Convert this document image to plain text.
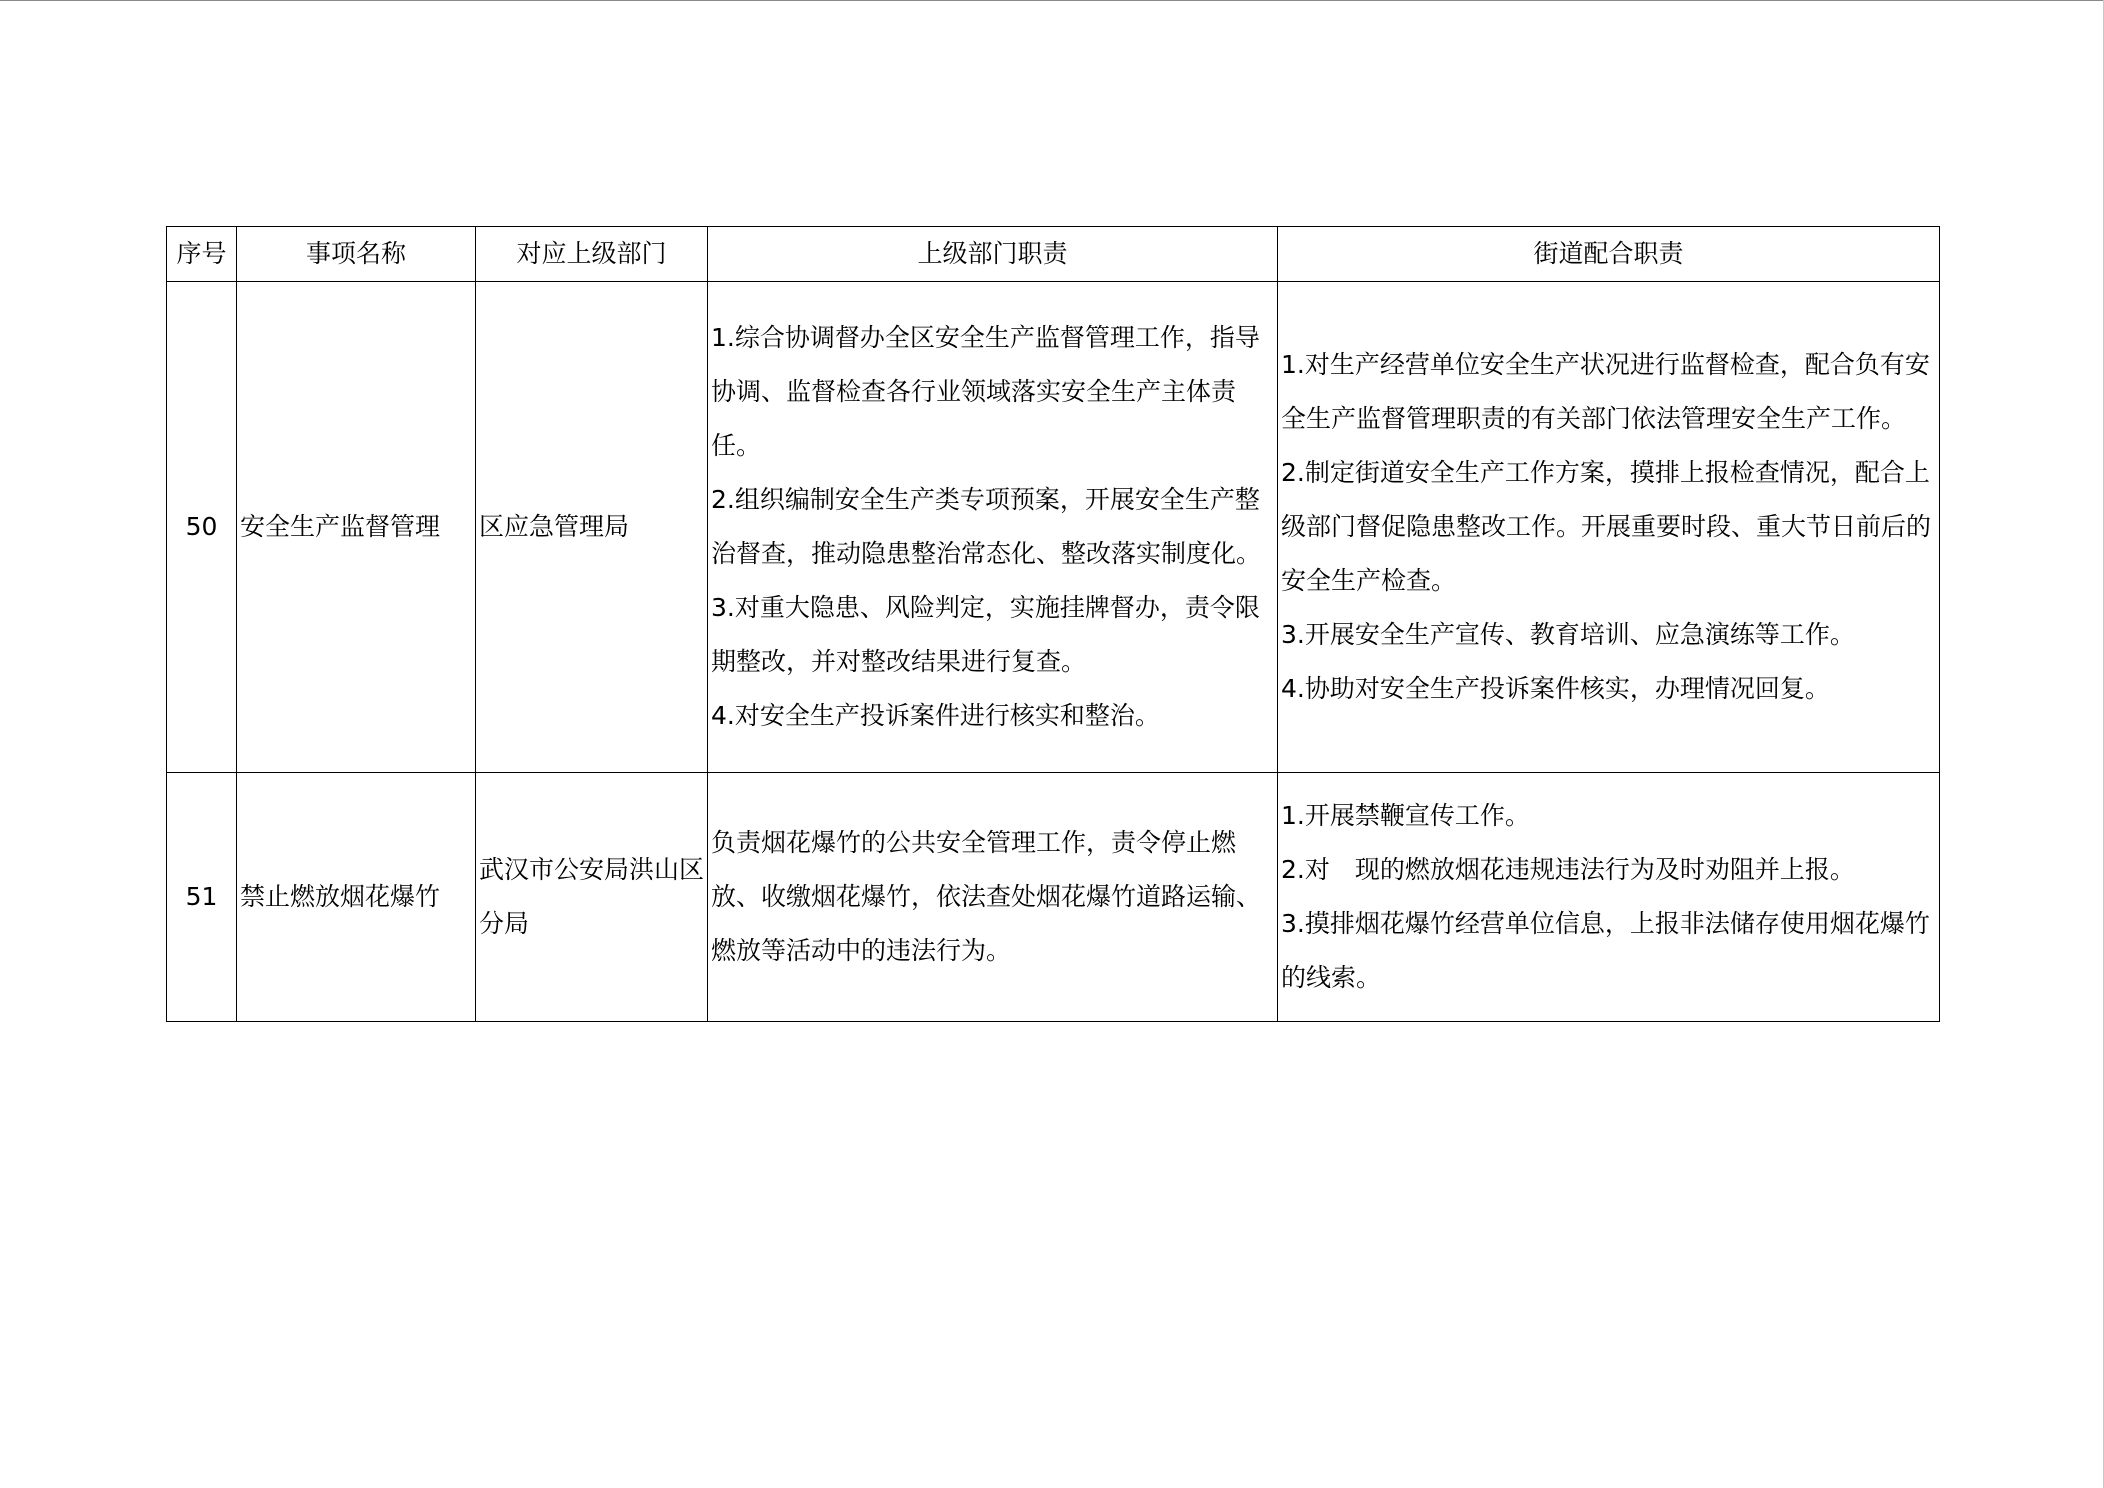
序号	事项名称	对应上级部门	上级部门职责	街道配合职责
50	安全生产监督管理	区应急管理局	1.综合协调督办全区安全生产监督管理工作，指导协调、监督检查各行业领域落实安全生产主体责任。
2.组织编制安全生产类专项预案，开展安全生产整治督查，推动隐患整治常态化、整改落实制度化。
3.对重大隐患、风险判定，实施挂牌督办，责令限期整改，并对整改结果进行复查。
4.对安全生产投诉案件进行核实和整治。	1.对生产经营单位安全生产状况进行监督检查，配合负有安全生产监督管理职责的有关部门依法管理安全生产工作。
2.制定街道安全生产工作方案，摸排上报检查情况，配合上级部门督促隐患整改工作。开展重要时段、重大节日前后的安全生产检查。
3.开展安全生产宣传、教育培训、应急演练等工作。
4.协助对安全生产投诉案件核实，办理情况回复。

51	禁止燃放烟花爆竹	武汉市公安局洪山区分局	负责烟花爆竹的公共安全管理工作，责令停止燃放、收缴烟花爆竹，依法查处烟花爆竹道路运输、燃放等活动中的违法行为。	1.开展禁鞭宣传工作。
2.对　现的燃放烟花违规违法行为及时劝阻并上报。
3.摸排烟花爆竹经营单位信息，上报非法储存使用烟花爆竹的线索。
